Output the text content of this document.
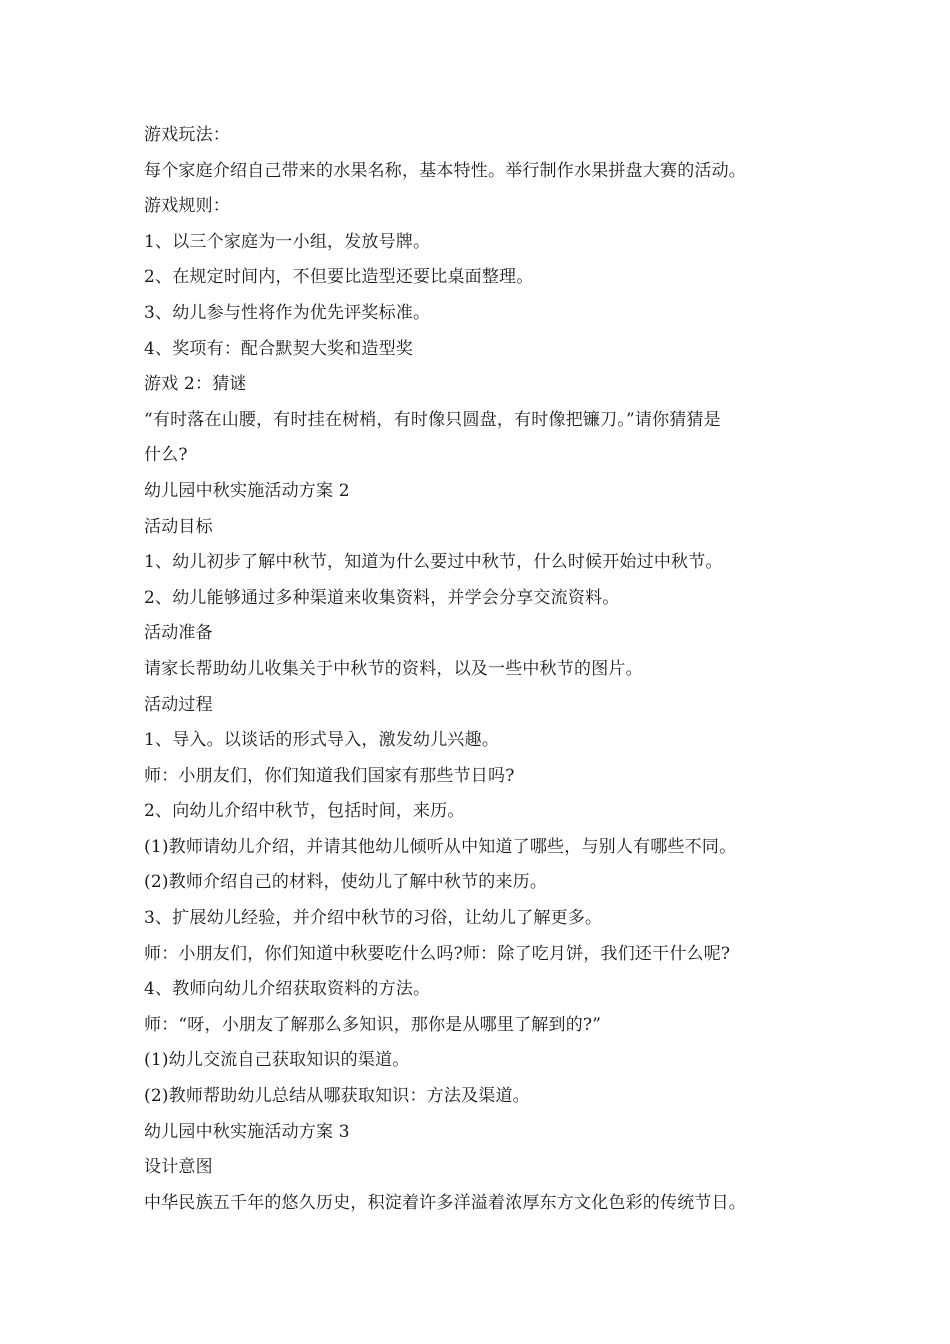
游戏玩法：
每个家庭介绍自己带来的水果名称，基本特性。举行制作水果拼盘大赛的活动。
游戏规则：
1、以三个家庭为一小组，发放号牌。
2、在规定时间内，不但要比造型还要比桌面整理。
3、幼儿参与性将作为优先评奖标准。
4、奖项有：配合默契大奖和造型奖
游戏 2：猜谜
“有时落在山腰，有时挂在树梢，有时像只圆盘，有时像把镰刀。”请你猜猜是
什么?
幼儿园中秋实施活动方案 2
活动目标
1、幼儿初步了解中秋节，知道为什么要过中秋节，什么时候开始过中秋节。
2、幼儿能够通过多种渠道来收集资料，并学会分享交流资料。
活动准备
请家长帮助幼儿收集关于中秋节的资料，以及一些中秋节的图片。
活动过程
1、导入。以谈话的形式导入，激发幼儿兴趣。
师：小朋友们，你们知道我们国家有那些节日吗?
2、向幼儿介绍中秋节，包括时间，来历。
(1)教师请幼儿介绍，并请其他幼儿倾听从中知道了哪些，与别人有哪些不同。
(2)教师介绍自己的材料，使幼儿了解中秋节的来历。
3、扩展幼儿经验，并介绍中秋节的习俗，让幼儿了解更多。
师：小朋友们，你们知道中秋要吃什么吗?师：除了吃月饼，我们还干什么呢?
4、教师向幼儿介绍获取资料的方法。
师：“呀，小朋友了解那么多知识，那你是从哪里了解到的?”
(1)幼儿交流自己获取知识的渠道。
(2)教师帮助幼儿总结从哪获取知识：方法及渠道。
幼儿园中秋实施活动方案 3
设计意图
中华民族五千年的悠久历史，积淀着许多洋溢着浓厚东方文化色彩的传统节日。
